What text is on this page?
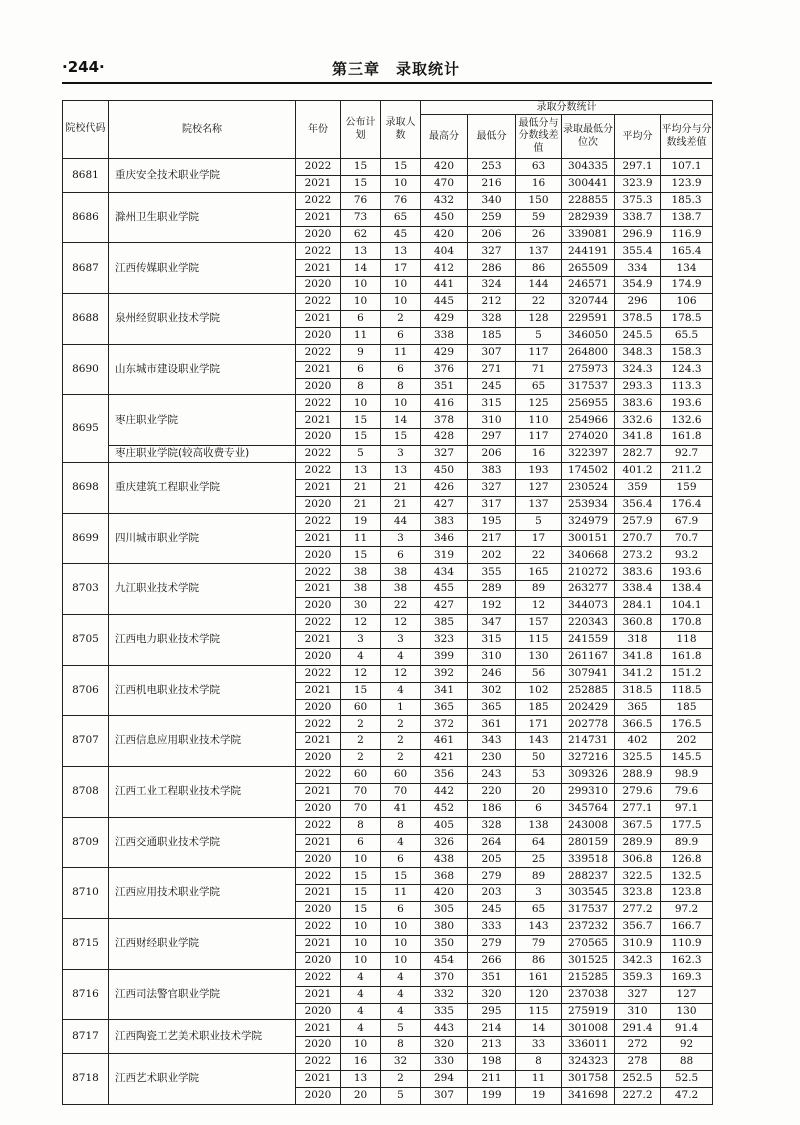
·244·	第三章　录取统计
院校代码	院校名称	年份	公布计划	录取人数	录取分数统计					
					最高分	最低分	最低分与分数线差值	录取最低分位次	平均分	平均分与分数线差值
8681	重庆安全技术职业学院	2022	15	15	420	253	63	304335	297.1	107.1
		2021	15	10	470	216	16	300441	323.9	123.9
8686	滁州卫生职业学院	2022	76	76	432	340	150	228855	375.3	185.3
		2021	73	65	450	259	59	282939	338.7	138.7
		2020	62	45	420	206	26	339081	296.9	116.9
8687	江西传媒职业学院	2022	13	13	404	327	137	244191	355.4	165.4
		2021	14	17	412	286	86	265509	334	134
		2020	10	10	441	324	144	246571	354.9	174.9
8688	泉州经贸职业技术学院	2022	10	10	445	212	22	320744	296	106
		2021	6	2	429	328	128	229591	378.5	178.5
		2020	11	6	338	185	5	346050	245.5	65.5
8690	山东城市建设职业学院	2022	9	11	429	307	117	264800	348.3	158.3
		2021	6	6	376	271	71	275973	324.3	124.3
		2020	8	8	351	245	65	317537	293.3	113.3
8695	枣庄职业学院	2022	10	10	416	315	125	256955	383.6	193.6
		2021	15	14	378	310	110	254966	332.6	132.6
		2020	15	15	428	297	117	274020	341.8	161.8
	枣庄职业学院(较高收费专业)	2022	5	3	327	206	16	322397	282.7	92.7
8698	重庆建筑工程职业学院	2022	13	13	450	383	193	174502	401.2	211.2
		2021	21	21	426	327	127	230524	359	159
		2020	21	21	427	317	137	253934	356.4	176.4
8699	四川城市职业学院	2022	19	44	383	195	5	324979	257.9	67.9
		2021	11	3	346	217	17	300151	270.7	70.7
		2020	15	6	319	202	22	340668	273.2	93.2
8703	九江职业技术学院	2022	38	38	434	355	165	210272	383.6	193.6
		2021	38	38	455	289	89	263277	338.4	138.4
		2020	30	22	427	192	12	344073	284.1	104.1
8705	江西电力职业技术学院	2022	12	12	385	347	157	220343	360.8	170.8
		2021	3	3	323	315	115	241559	318	118
		2020	4	4	399	310	130	261167	341.8	161.8
8706	江西机电职业技术学院	2022	12	12	392	246	56	307941	341.2	151.2
		2021	15	4	341	302	102	252885	318.5	118.5
		2020	60	1	365	365	185	202429	365	185
8707	江西信息应用职业技术学院	2022	2	2	372	361	171	202778	366.5	176.5
		2021	2	2	461	343	143	214731	402	202
		2020	2	2	421	230	50	327216	325.5	145.5
8708	江西工业工程职业技术学院	2022	60	60	356	243	53	309326	288.9	98.9
		2021	70	70	442	220	20	299310	279.6	79.6
		2020	70	41	452	186	6	345764	277.1	97.1
8709	江西交通职业技术学院	2022	8	8	405	328	138	243008	367.5	177.5
		2021	6	4	326	264	64	280159	289.9	89.9
		2020	10	6	438	205	25	339518	306.8	126.8
8710	江西应用技术职业学院	2022	15	15	368	279	89	288237	322.5	132.5
		2021	15	11	420	203	3	303545	323.8	123.8
		2020	15	6	305	245	65	317537	277.2	97.2
8715	江西财经职业学院	2022	10	10	380	333	143	237232	356.7	166.7
		2021	10	10	350	279	79	270565	310.9	110.9
		2020	10	10	454	266	86	301525	342.3	162.3
8716	江西司法警官职业学院	2022	4	4	370	351	161	215285	359.3	169.3
		2021	4	4	332	320	120	237038	327	127
		2020	4	4	335	295	115	275919	310	130
8717	江西陶瓷工艺美术职业技术学院	2021	4	5	443	214	14	301008	291.4	91.4
		2020	10	8	320	213	33	336011	272	92
8718	江西艺术职业学院	2022	16	32	330	198	8	324323	278	88
		2021	13	2	294	211	11	301758	252.5	52.5
		2020	20	5	307	199	19	341698	227.2	47.2
